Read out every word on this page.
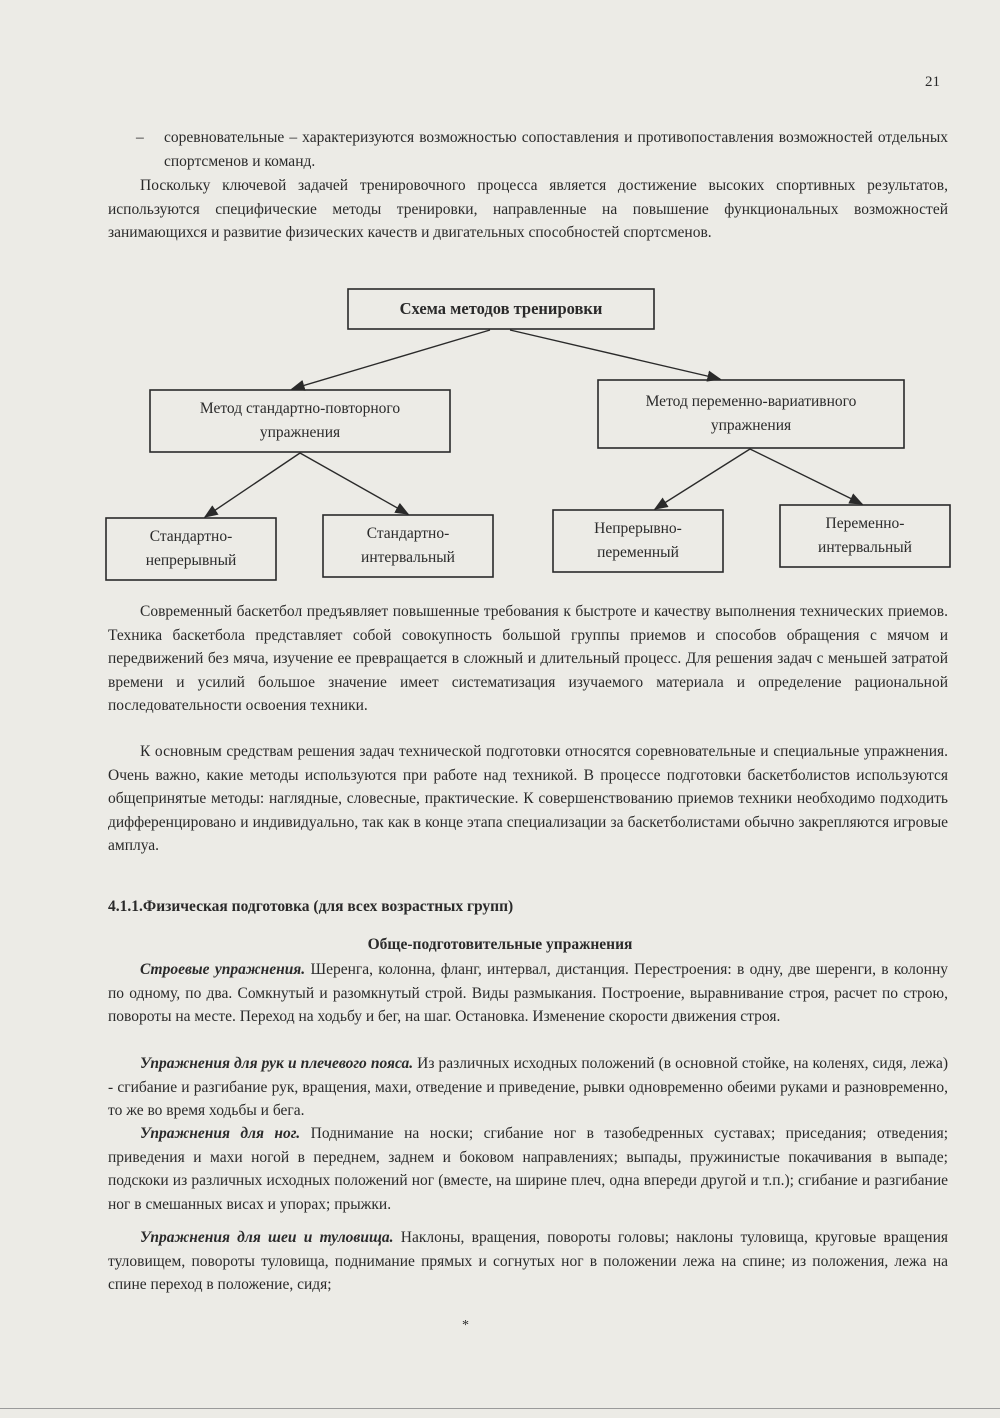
21
– соревновательные – характеризуются возможностью сопоставления и противопоставления возможностей отдельных спортсменов и команд.

Поскольку ключевой задачей тренировочного процесса является достижение высоких спортивных результатов, используются специфические методы тренировки, направленные на повышение функциональных возможностей занимающихся и развитие физических качеств и двигательных способностей спортсменов.

Схема методов тренировки
Метод стандартно-повторного упражнения
Метод переменно-вариативного упражнения
Стандартно-непрерывный
Стандартно-интервальный
Непрерывно-переменный
Переменно-интервальный

Современный баскетбол предъявляет повышенные требования к быстроте и качеству выполнения технических приемов. Техника баскетбола представляет собой совокупность большой группы приемов и способов обращения с мячом и передвижений без мяча, изучение ее превращается в сложный и длительный процесс. Для решения задач с меньшей затратой времени и усилий большое значение имеет систематизация изучаемого материала и определение рациональной последовательности освоения техники.

К основным средствам решения задач технической подготовки относятся соревновательные и специальные упражнения. Очень важно, какие методы используются при работе над техникой. В процессе подготовки баскетболистов используются общепринятые методы: наглядные, словесные, практические. К совершенствованию приемов техники необходимо подходить дифференцировано и индивидуально, так как в конце этапа специализации за баскетболистами обычно закрепляются игровые амплуа.

4.1.1.Физическая подготовка (для всех возрастных групп)
Обще-подготовительные упражнения

Строевые упражнения. Шеренга, колонна, фланг, интервал, дистанция. Перестроения: в одну, две шеренги, в колонну по одному, по два. Сомкнутый и разомкнутый строй. Виды размыкания. Построение, выравнивание строя, расчет по строю, повороты на месте. Переход на ходьбу и бег, на шаг. Остановка. Изменение скорости движения строя.

Упражнения для рук и плечевого пояса. Из различных исходных положений (в основной стойке, на коленях, сидя, лежа) - сгибание и разгибание рук, вращения, махи, отведение и приведение, рывки одновременно обеими руками и разновременно, то же во время ходьбы и бега.

Упражнения для ног. Поднимание на носки; сгибание ног в тазобедренных суставах; приседания; отведения; приведения и махи ногой в переднем, заднем и боковом направлениях; выпады, пружинистые покачивания в выпаде; подскоки из различных исходных положений ног (вместе, на ширине плеч, одна впереди другой и т.п.); сгибание и разгибание ног в смешанных висах и упорах; прыжки.

Упражнения для шеи и туловища. Наклоны, вращения, повороты головы; наклоны туловища, круговые вращения туловищем, повороты туловища, поднимание прямых и согнутых ног в положении лежа на спине; из положения, лежа на спине переход в положение, сидя;

*
